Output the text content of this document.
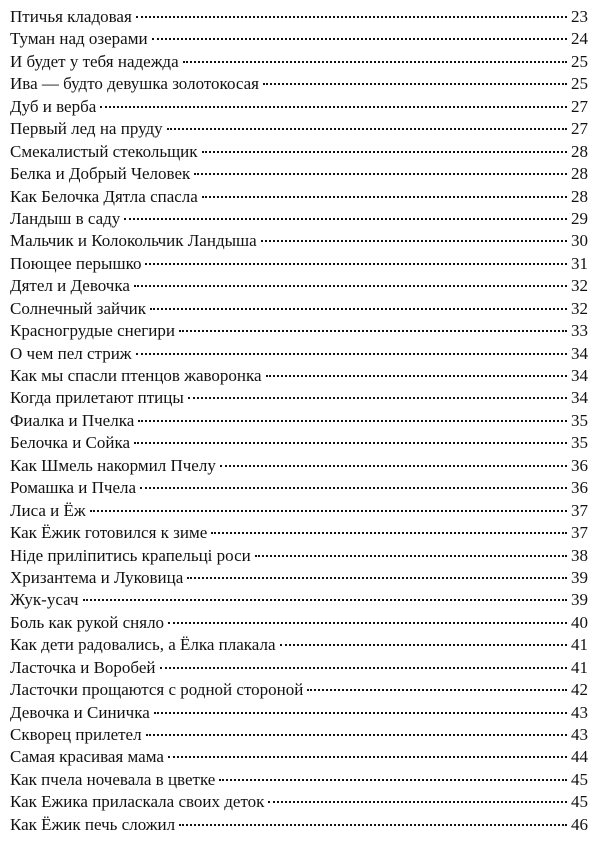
Птичья кладовая	23
Туман над озерами	24
И будет у тебя надежда	25
Ива — будто девушка золотокосая	25
Дуб и верба	27
Первый лед на пруду	27
Смекалистый стекольщик	28
Белка и Добрый Человек	28
Как Белочка Дятла спасла	28
Ландыш в саду	29
Мальчик и Колокольчик Ландыша	30
Поющее перышко	31
Дятел и Девочка	32
Солнечный зайчик	32
Красногрудые снегири	33
О чем пел стриж	34
Как мы спасли птенцов жаворонка	34
Когда прилетают птицы	34
Фиалка и Пчелка	35
Белочка и Сойка	35
Как Шмель накормил Пчелу	36
Ромашка и Пчела	36
Лиса и Ёж	37
Как Ёжик готовился к зиме	37
Ніде прилiпитись крапельцi роси	38
Хризантема и Луковица	39
Жук-усач	39
Боль как рукой сняло	40
Как дети радовались, а Ёлка плакала	41
Ласточка и Воробей	41
Ласточки прощаются с родной стороной	42
Девочка и Синичка	43
Скворец прилетел	43
Самая красивая мама	44
Как пчела ночевала в цветке	45
Как Ежика приласкала своих деток	45
Как Ёжик печь сложил	46
